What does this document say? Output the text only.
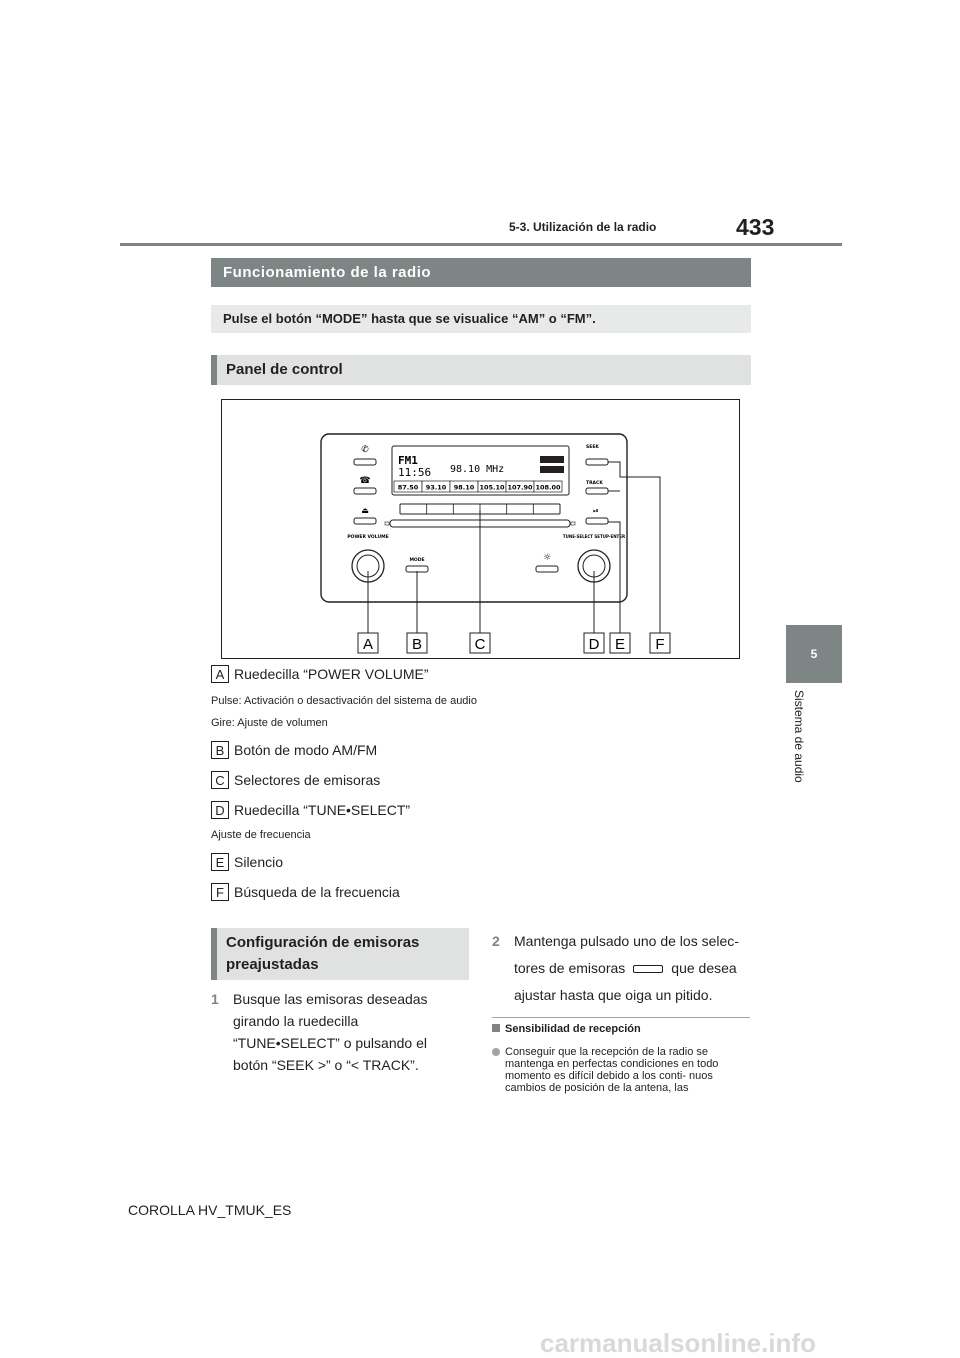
5-3. Utilización de la radio	433
5
Sistema de audio
Funcionamiento de la radio
Pulse el botón “MODE” hasta que se visualice “AM” o “FM”.
Panel de control
✆
☎
⏏
FM1
11:56 98.10 MHz
87.50 93.10 98.10 105.10 107.90 108.00
POWER VOLUME	TUNE·SELECT SETUP·ENTER
MODE	☼
SEEK
TRACK
⏯
A	B	C	D E F
A Ruedecilla “POWER VOLUME”
Pulse: Activación o desactivación del sistema de audio
Gire: Ajuste de volumen
B Botón de modo AM/FM
C Selectores de emisoras
D Ruedecilla “TUNE•SELECT”
Ajuste de frecuencia
E Silencio
F Búsqueda de la frecuencia
Configuración de emisoras preajustadas
1	Busque las emisoras deseadas girando la ruedecilla “TUNE•SELECT” o pulsando el botón “SEEK >” o “< TRACK”.
2	Mantenga pulsado uno de los selec- tores de emisoras	que desea ajustar hasta que oiga un pitido.
Sensibilidad de recepción
Conseguir que la recepción de la radio se mantenga en perfectas condiciones en todo momento es difícil debido a los conti- nuos cambios de posición de la antena, las
COROLLA HV_TMUK_ES
carmanualsonline.info
